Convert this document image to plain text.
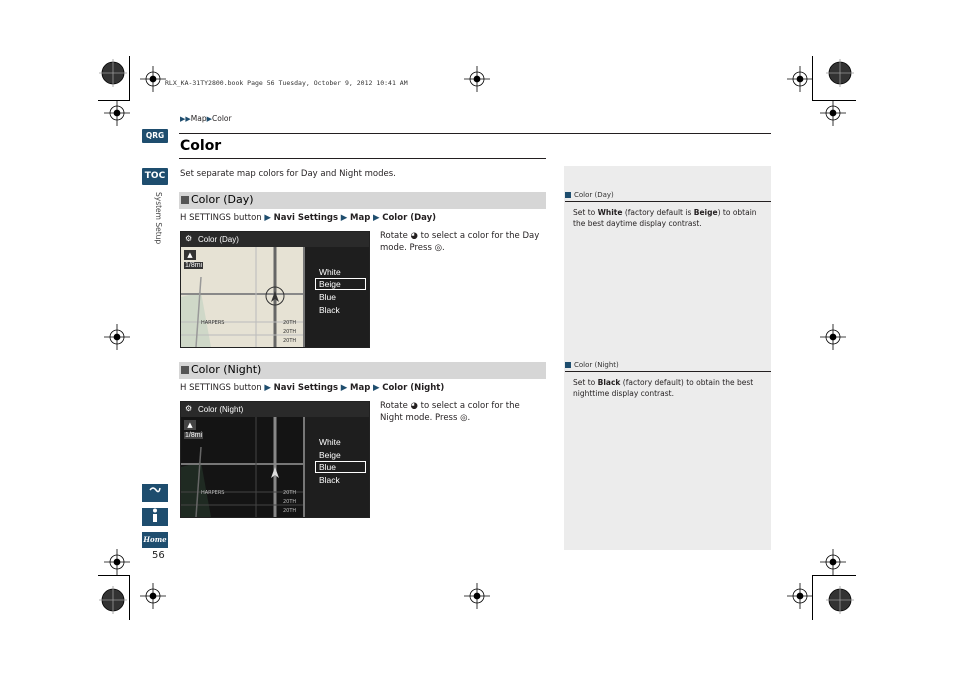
RLX_KA-31TY2800.book Page 56 Tuesday, October 9, 2012 10:41 AM
QRG
TOC
System Setup
Home
56
▶▶Map▶Color
Color
Set separate map colors for Day and Night modes.
Color (Day)
Set to White (factory default is Beige) to obtain the best daytime display contrast.
Color (Night)
Set to Black (factory default) to obtain the best nighttime display contrast.
Color (Day)
H SETTINGS button ▶ Navi Settings ▶ Map ▶ Color (Day)
⚙ Color (Day)
▲
1/8mi
HARPERS	20TH
20TH
20TH
White
Beige
Blue
Black
Rotate ◕ to select a color for the Day mode. Press ◎.
Color (Night)
H SETTINGS button ▶ Navi Settings ▶ Map ▶ Color (Night)
⚙ Color (Night)
▲
1/8mi
HARPERS	20TH
20TH
20TH
White
Beige
Blue
Black
Rotate ◕ to select a color for the Night mode. Press ◎.
